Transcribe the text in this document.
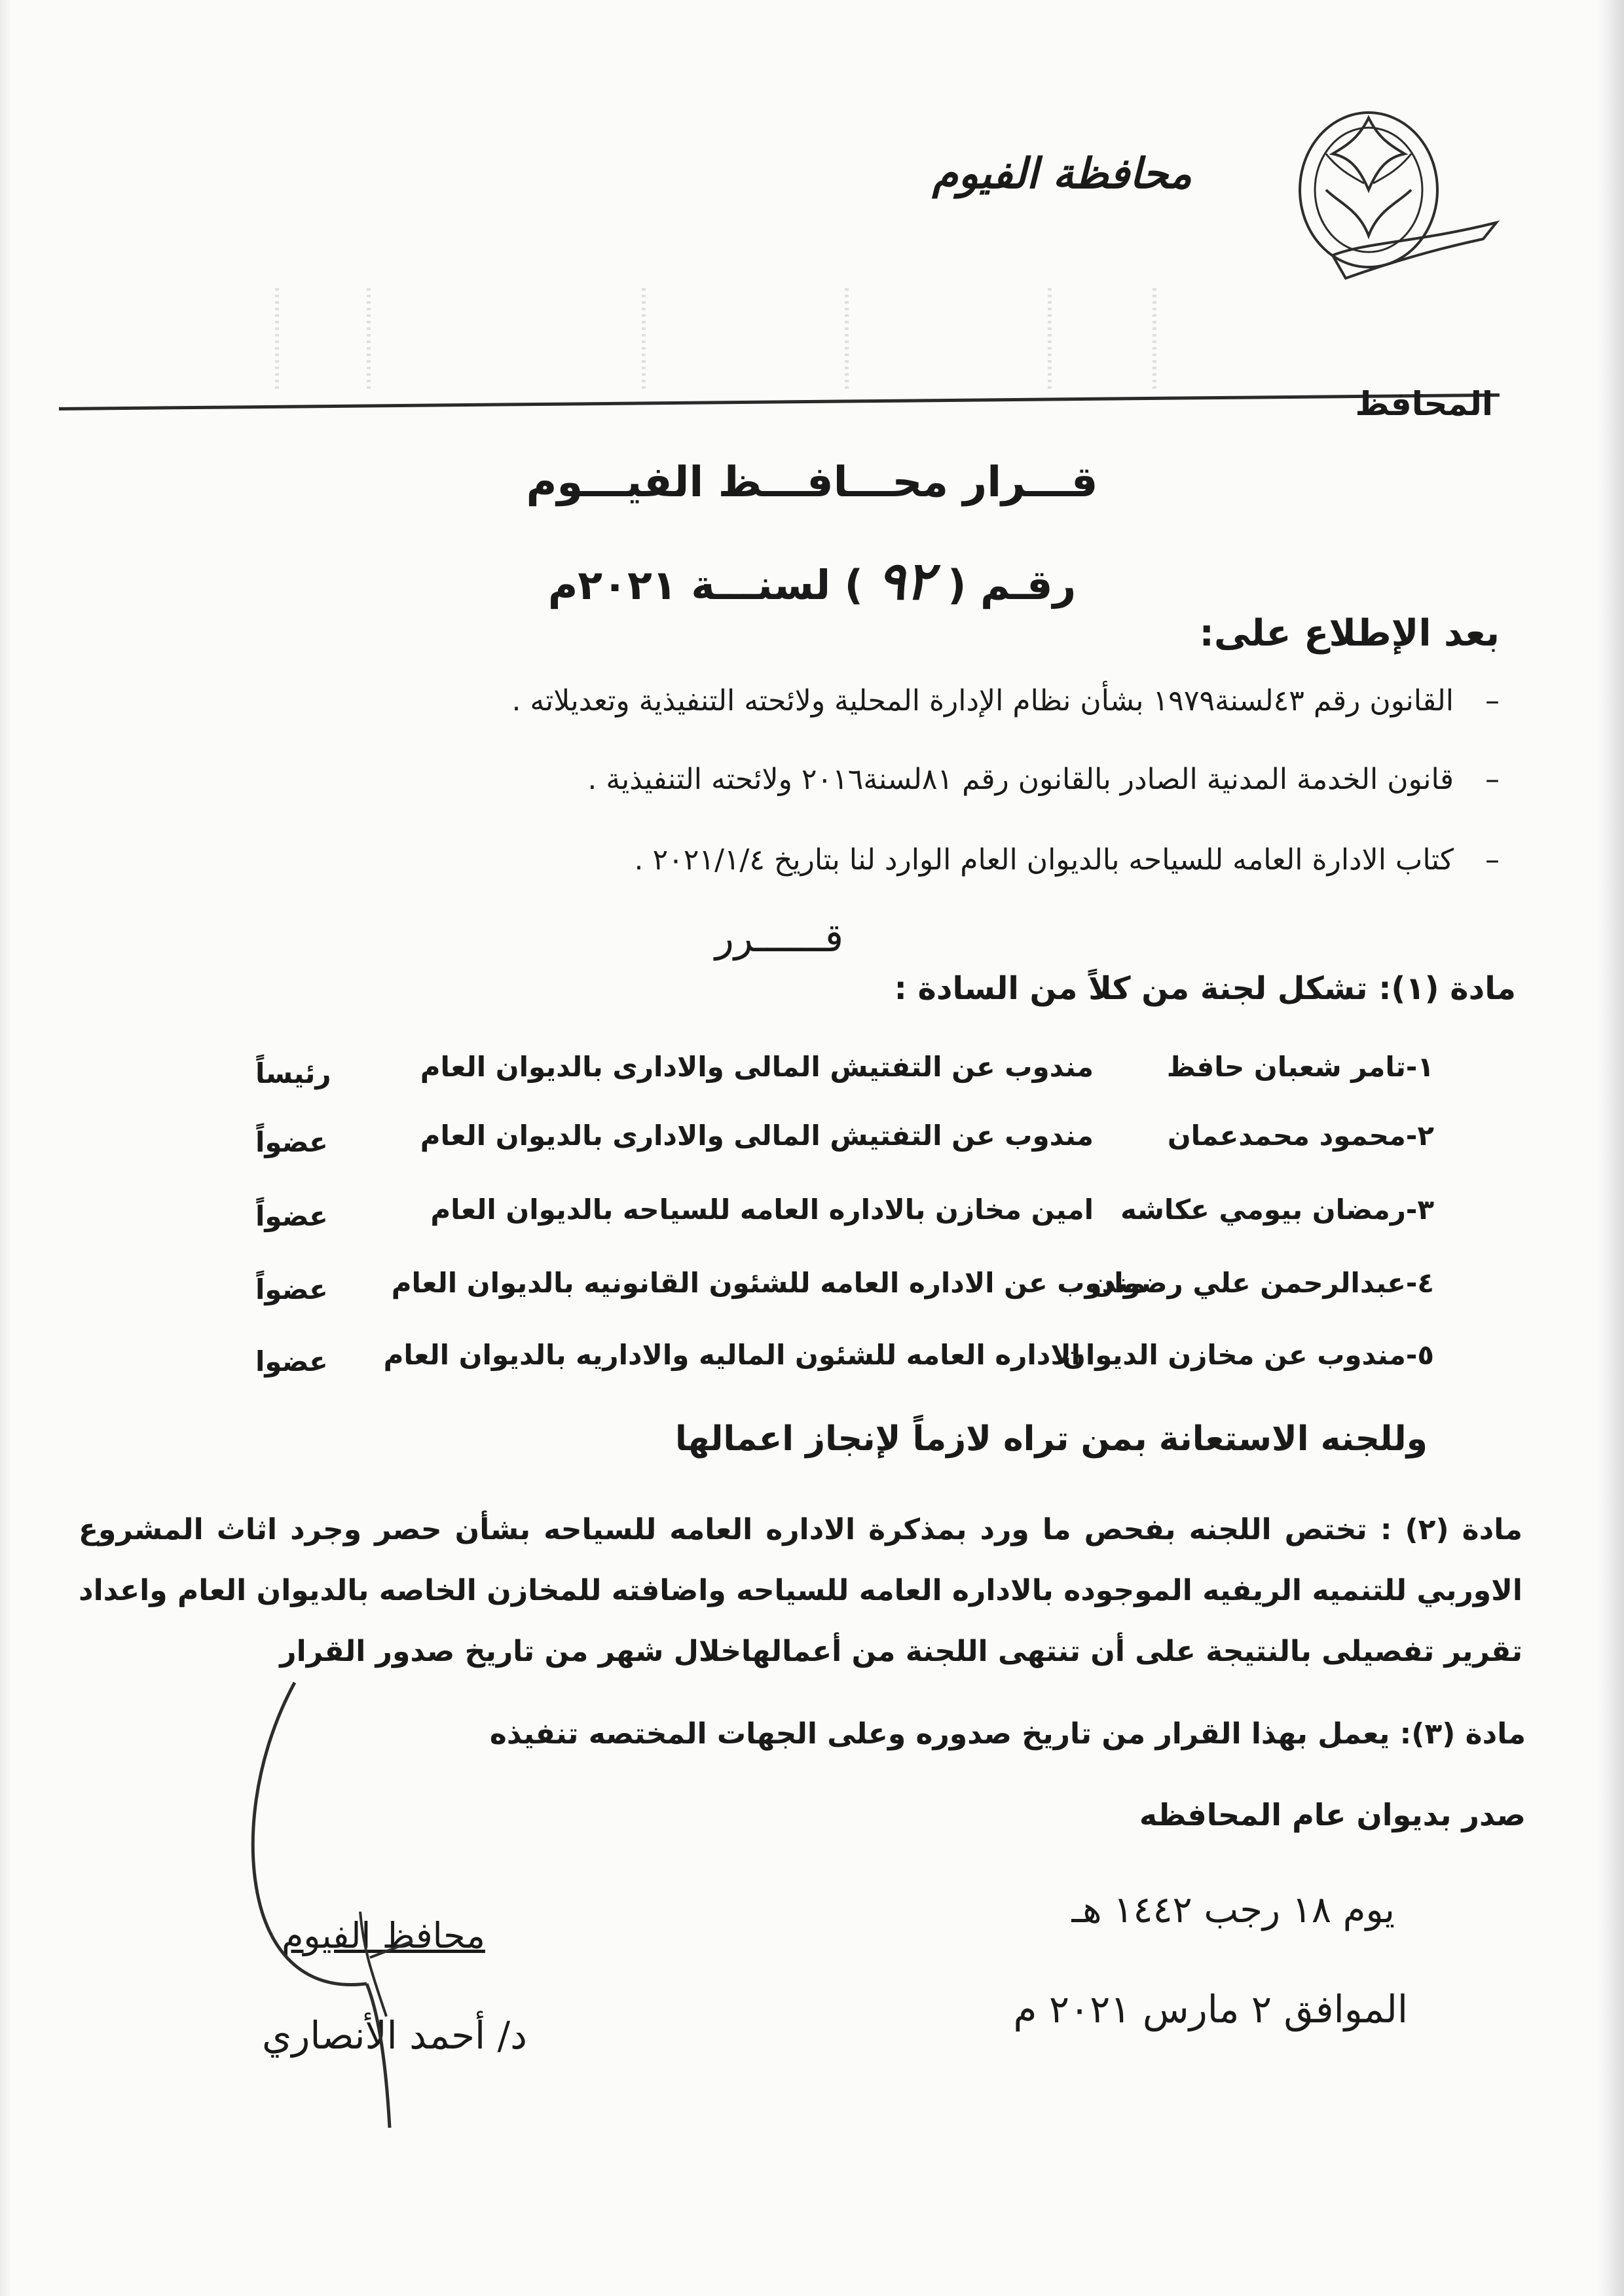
محافظة الفيوم
المحافظ
قـــرار محـــافـــظ الفيـــوم
رقـم ( ٩٢ ) لسنـــة ٢٠٢١م
بعد الإطلاع على:
–القانون رقم ٤٣لسنة١٩٧٩ بشأن نظام الإدارة المحلية ولائحته التنفيذية وتعديلاته .
–قانون الخدمة المدنية الصادر بالقانون رقم ٨١لسنة٢٠١٦ ولائحته التنفيذية .
–كتاب الادارة العامه للسياحه بالديوان العام الوارد لنا بتاريخ ٢٠٢١/١/٤ .
قــــــرر
مادة (١): تشكل لجنة من كلاً من السادة :
١-تامر شعبان حافظ
مندوب عن التفتيش المالى والادارى بالديوان العام
رئيساً
٢-محمود محمدعمان
مندوب عن التفتيش المالى والادارى بالديوان العام
عضواً
٣-رمضان بيومي عكاشه
امين مخازن بالاداره العامه للسياحه بالديوان العام
عضواً
٤-عبدالرحمن علي رضوان
مندوب عن الاداره العامه للشئون القانونيه بالديوان العام
عضواً
٥-مندوب عن مخازن الديوان
الاداره العامه للشئون الماليه والاداريه بالديوان العام
عضوا
وللجنه الاستعانة بمن تراه لازماً لإنجاز اعمالها
مادة (٢) : تختص اللجنه بفحص ما ورد بمذكرة الاداره العامه للسياحه بشأن حصر وجرد اثاث المشروع الاوربي للتنميه الريفيه الموجوده بالاداره العامه للسياحه واضافته للمخازن الخاصه بالديوان العام واعداد تقرير تفصيلى بالنتيجة على أن تنتهى اللجنة من أعمالهاخلال شهر من تاريخ صدور القرار
مادة (٣): يعمل بهذا القرار من تاريخ صدوره وعلى الجهات المختصه تنفيذه
صدر بديوان عام المحافظه
يوم ١٨ رجب ١٤٤٢ هـ
الموافق ٢ مارس ٢٠٢١ م
محافظ الفيوم
د/ أحمد الأنصاري
